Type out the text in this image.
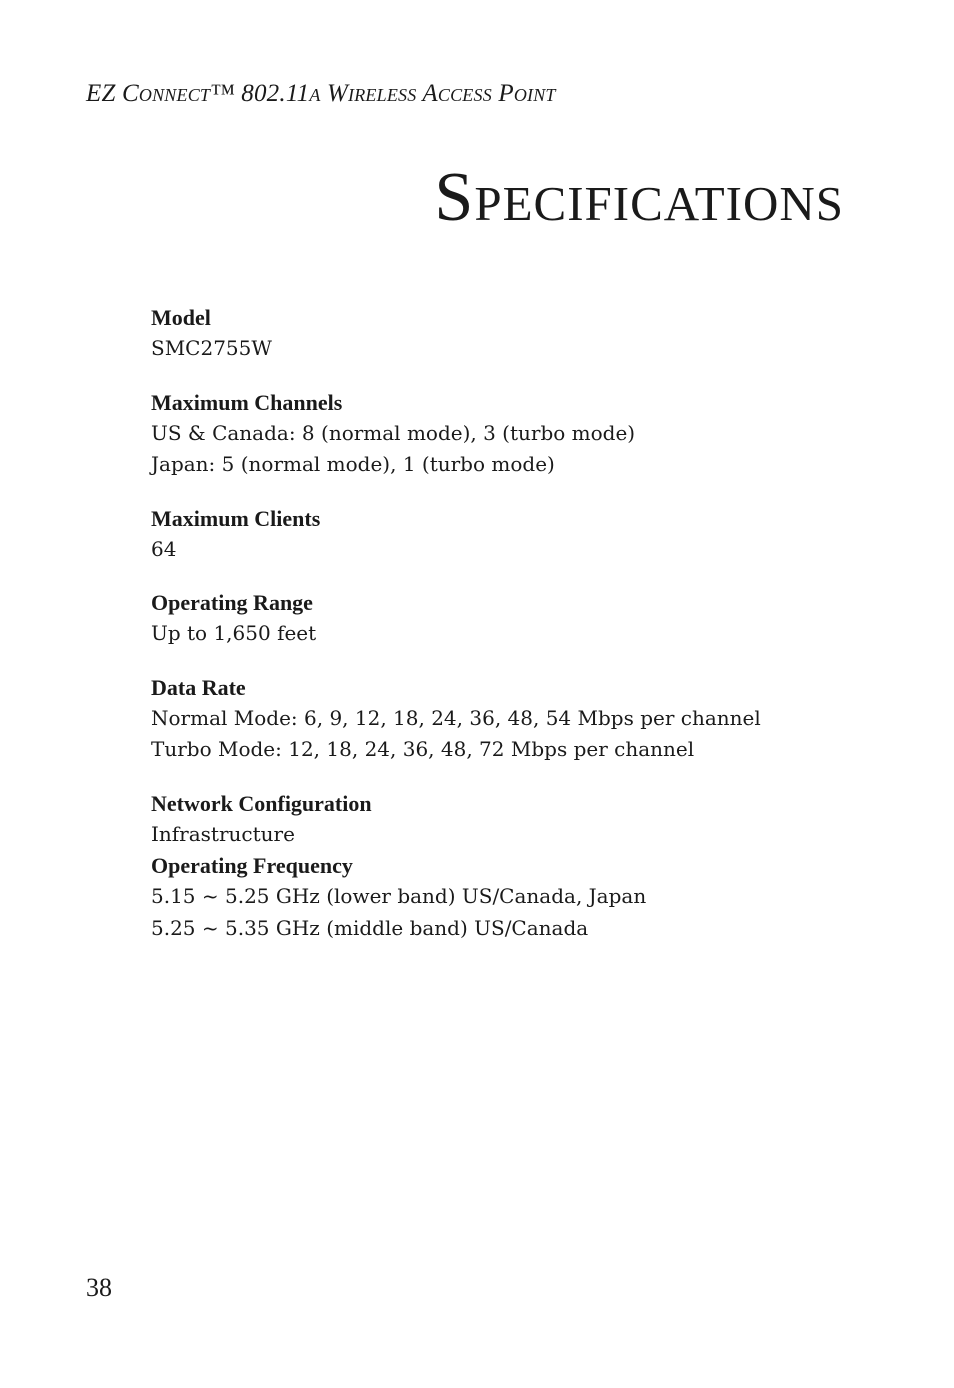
EZ Connect™ 802.11a Wireless Access Point
Specifications

Model

SMC2755W

Maximum Channels

US & Canada: 8 (normal mode), 3 (turbo mode)

Japan: 5 (normal mode), 1 (turbo mode)

Maximum Clients

64

Operating Range

Up to 1,650 feet

Data Rate

Normal Mode: 6, 9, 12, 18, 24, 36, 48, 54 Mbps per channel

Turbo Mode: 12, 18, 24, 36, 48, 72 Mbps per channel

Network Configuration

Infrastructure

Operating Frequency

5.15 ~ 5.25 GHz (lower band) US/Canada, Japan

5.25 ~ 5.35 GHz (middle band) US/Canada

38
